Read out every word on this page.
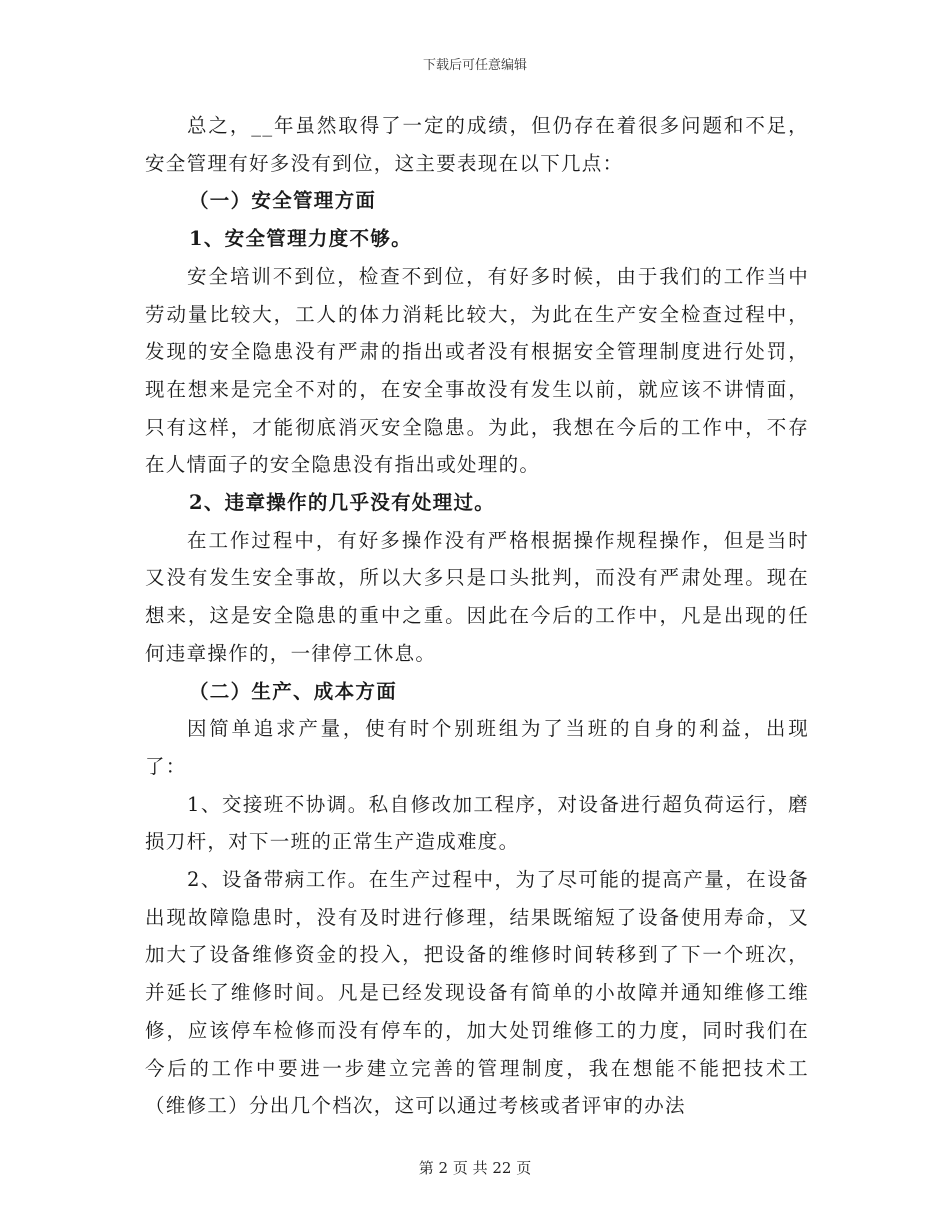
下载后可任意编辑

总之，__年虽然取得了一定的成绩，但仍存在着很多问题和不足，安全管理有好多没有到位，这主要表现在以下几点：

（一）安全管理方面

1、安全管理力度不够。

安全培训不到位，检查不到位，有好多时候，由于我们的工作当中劳动量比较大，工人的体力消耗比较大，为此在生产安全检查过程中，发现的安全隐患没有严肃的指出或者没有根据安全管理制度进行处罚，现在想来是完全不对的，在安全事故没有发生以前，就应该不讲情面，只有这样，才能彻底消灭安全隐患。为此，我想在今后的工作中，不存在人情面子的安全隐患没有指出或处理的。

2、违章操作的几乎没有处理过。

在工作过程中，有好多操作没有严格根据操作规程操作，但是当时又没有发生安全事故，所以大多只是口头批判，而没有严肃处理。现在想来，这是安全隐患的重中之重。因此在今后的工作中，凡是出现的任何违章操作的，一律停工休息。

（二）生产、成本方面

因简单追求产量，使有时个别班组为了当班的自身的利益，出现了：

1、交接班不协调。私自修改加工程序，对设备进行超负荷运行，磨损刀杆，对下一班的正常生产造成难度。

2、设备带病工作。在生产过程中，为了尽可能的提高产量，在设备出现故障隐患时，没有及时进行修理，结果既缩短了设备使用寿命，又加大了设备维修资金的投入，把设备的维修时间转移到了下一个班次，并延长了维修时间。凡是已经发现设备有简单的小故障并通知维修工维修，应该停车检修而没有停车的，加大处罚维修工的力度，同时我们在今后的工作中要进一步建立完善的管理制度，我在想能不能把技术工（维修工）分出几个档次，这可以通过考核或者评审的办法

第 2 页 共 22 页
